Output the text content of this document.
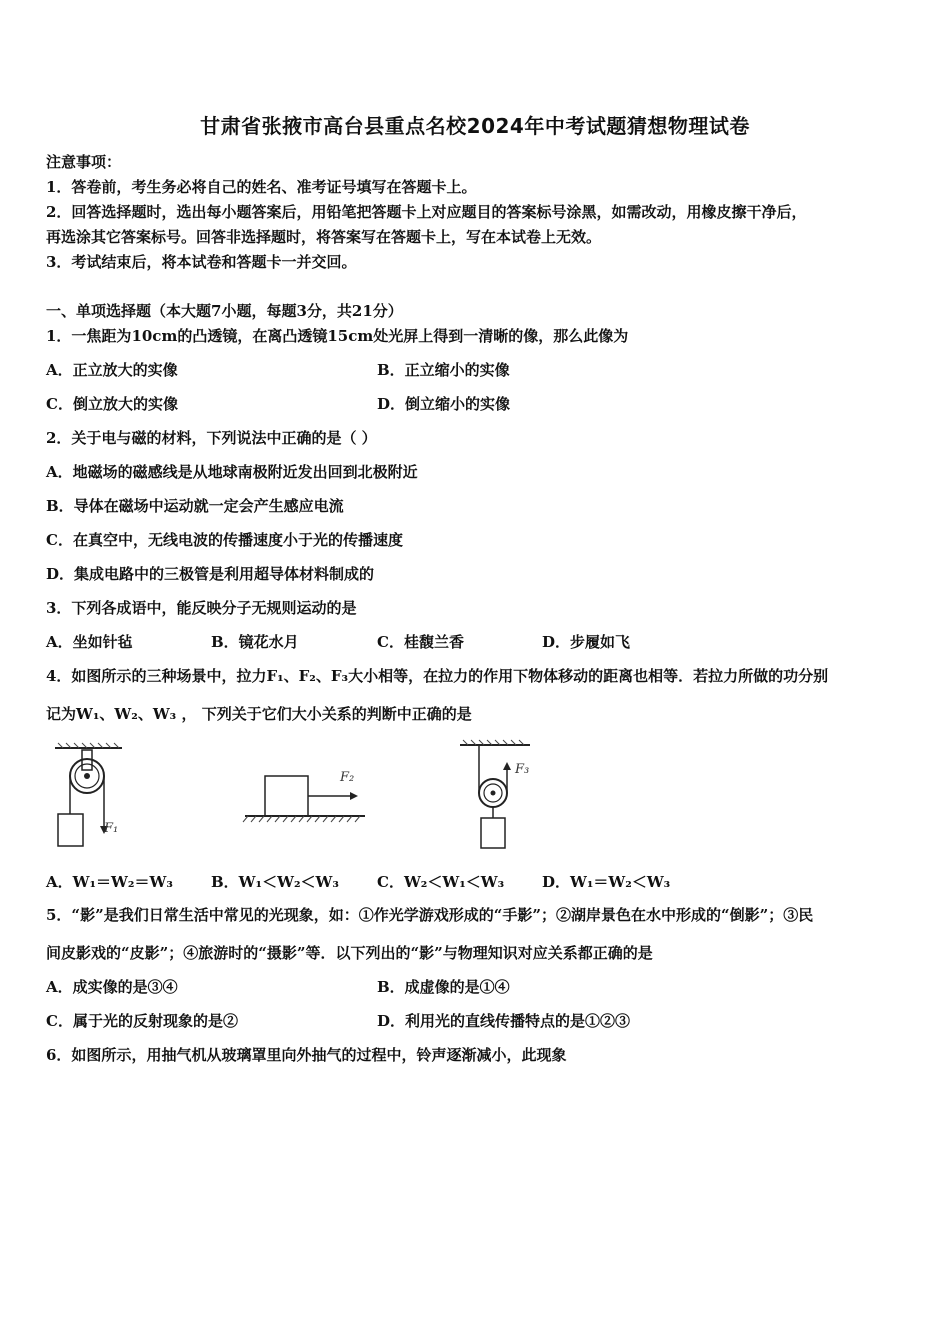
甘肃省张掖市高台县重点名校2024年中考试题猜想物理试卷
注意事项：
1．答卷前，考生务必将自己的姓名、准考证号填写在答题卡上。
2．回答选择题时，选出每小题答案后，用铅笔把答题卡上对应题目的答案标号涂黑，如需改动，用橡皮擦干净后，
再选涂其它答案标号。回答非选择题时，将答案写在答题卡上，写在本试卷上无效。
3．考试结束后，将本试卷和答题卡一并交回。
一、单项选择题（本大题7小题，每题3分，共21分）
1．一焦距为10cm的凸透镜，在离凸透镜15cm处光屏上得到一清晰的像，那么此像为
A．正立放大的实像	B．正立缩小的实像
C．倒立放大的实像	D．倒立缩小的实像
2．关于电与磁的材料，下列说法中正确的是（ ）
A．地磁场的磁感线是从地球南极附近发出回到北极附近
B．导体在磁场中运动就一定会产生感应电流
C．在真空中，无线电波的传播速度小于光的传播速度
D．集成电路中的三极管是利用超导体材料制成的
3．下列各成语中，能反映分子无规则运动的是
A．坐如针毡	B．镜花水月	C．桂馥兰香	D．步履如飞
4．如图所示的三种场景中，拉力F₁、F₂、F₃大小相等，在拉力的作用下物体移动的距离也相等．若拉力所做的功分别
记为W₁、W₂、W₃ ， 下列关于它们大小关系的判断中正确的是
F₁
F₂
F₃
A．W₁＝W₂＝W₃	B．W₁＜W₂＜W₃	C．W₂＜W₁＜W₃	D．W₁＝W₂＜W₃
5．“影”是我们日常生活中常见的光现象，如：①作光学游戏形成的“手影”；②湖岸景色在水中形成的“倒影”；③民
间皮影戏的“皮影”；④旅游时的“摄影”等．以下列出的“影”与物理知识对应关系都正确的是
A．成实像的是③④	B．成虚像的是①④
C．属于光的反射现象的是②	D．利用光的直线传播特点的是①②③
6．如图所示，用抽气机从玻璃罩里向外抽气的过程中，铃声逐渐减小，此现象
